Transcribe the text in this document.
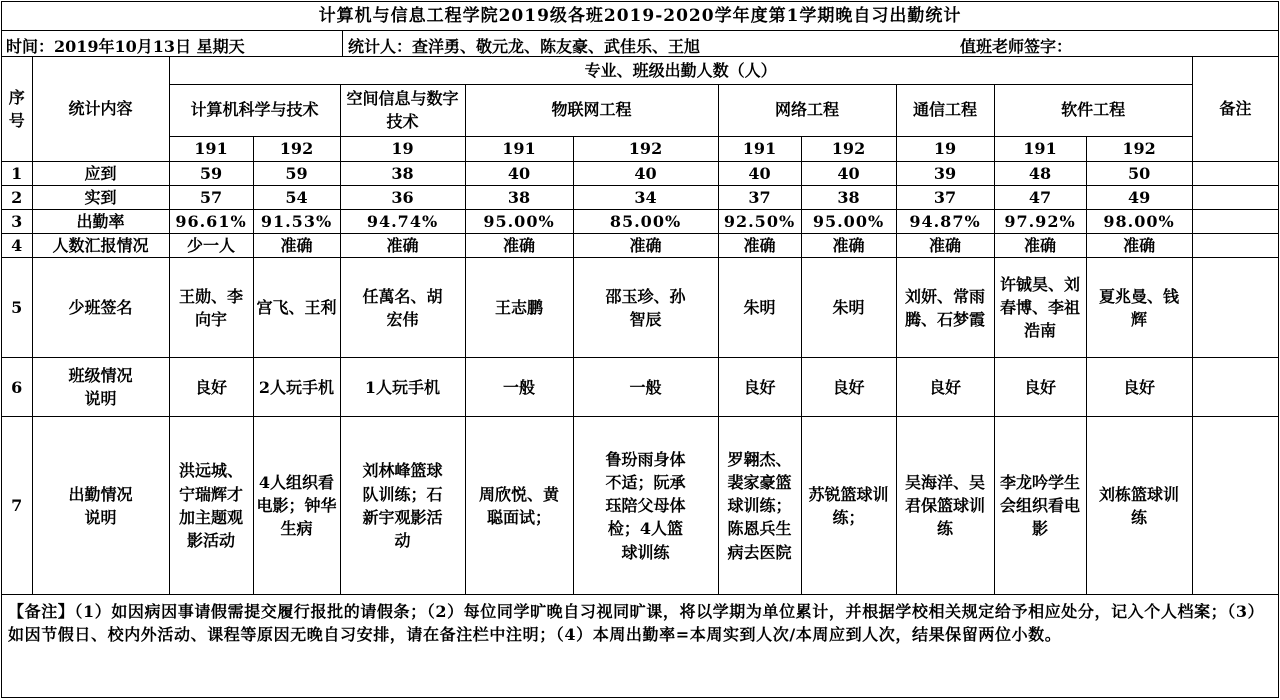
计算机与信息工程学院2019级各班2019-2020学年度第1学期晚自习出勤统计
时间：2019年10月13日 星期天	统计人：查洋勇、敬元龙、陈友豪、武佳乐、王旭	值班老师签字：
序号	统计内容	专业、班级出勤人数（人）										备注
		计算机科学与技术		空间信息与数字技术	物联网工程		网络工程		通信工程	软件工程		
		191	192	19	191	192	191	192	19	191	192	
1	应到	59	59	38	40	40	40	40	39	48	50	

2	实到	57	54	36	38	34	37	38	37	47	49	

3	出勤率	96.61%	91.53%	94.74%	95.00%	85.00%	92.50%	95.00%	94.87%	97.92%	98.00%	

4	人数汇报情况	少一人	准确	准确	准确	准确	准确	准确	准确	准确	准确	

5	少班签名	王勋、李向宇	宫飞、王利	任萬名、胡宏伟	王志鹏	邵玉珍、孙智辰	朱明	朱明	刘妍、常雨腾、石梦霞	许铖昊、刘春博、李祖浩南	夏兆曼、钱辉	

6	班级情况说明	良好	2人玩手机	1人玩手机	一般	一般	良好	良好	良好	良好	良好	

7	出勤情况说明	洪远城、宁瑞辉才加主题观影活动	4人组织看电影；钟华生病	刘林峰篮球队训练；石新宇观影活动	周欣悦、黄聪面试；	鲁玢雨身体不适；阮承珏陪父母体检；4人篮球训练	罗翱杰、裴家豪篮球训练；陈恩兵生病去医院	苏锐篮球训练；	吴海洋、吴君保篮球训练	李龙吟学生会组织看电影	刘栋篮球训练	

【备注】（1）如因病因事请假需提交履行报批的请假条；（2）每位同学旷晚自习视同旷课，将以学期为单位累计，并根据学校相关规定给予相应处分，记入个人档案；（3）如因节假日、校内外活动、课程等原因无晚自习安排，请在备注栏中注明；（4）本周出勤率=本周实到人次/本周应到人次，结果保留两位小数。
